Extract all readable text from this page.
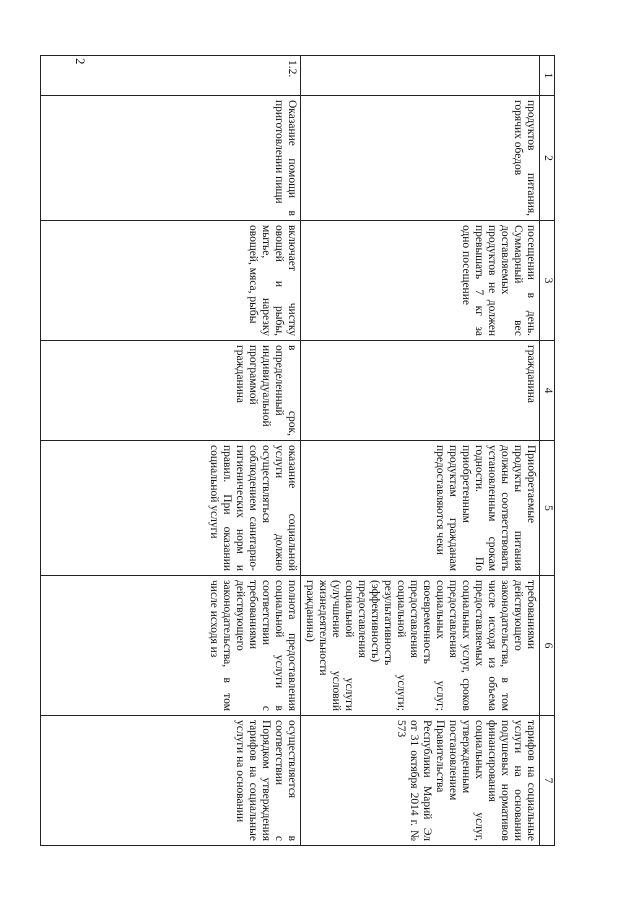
2
1	2	3	4	5	6	7
	продуктов питания, горячих обедов	посещении в день. Суммарный вес доставляемых продуктов не должен превышать 7 кг за одно посещение	гражданина	Приобретаемые продукты питания должны соответствовать установленным срокам годности. По приобретенным продуктам гражданам предоставляются чеки	требованиями действующего законодательства, в том числе исходя из объема предоставляемых социальных услуг, сроков предоставления социальных услуг; своевременность предоставления социальной услуги; результативность (эффективность) предоставления социальной услуги (улучшение условий жизнедеятельности гражданина)	тарифов на социальные услуги на основании подушевых нормативов финансирования социальных услуг, утвержденным постановлением Правительства Республики Марий Эл от 31 октября 2014 г. № 573
1.2.	Оказание помощи в приготовлении пищи	включает чистку овощей и рыбы, мытье, нарезку овощей, мяса, рыбы	в срок, определенный индивидуальной программой гражданина	оказание социальной услуги должно осуществляться соблюдением санитарно-гигиенических норм и правил. При оказании социальной услуги	полнота предоставления социальной услуги в соответствии с требованиями действующего законодательства, в том числе исходя из	осуществляется в соответствии с Порядком утверждения тарифов на социальные услуги на основании
